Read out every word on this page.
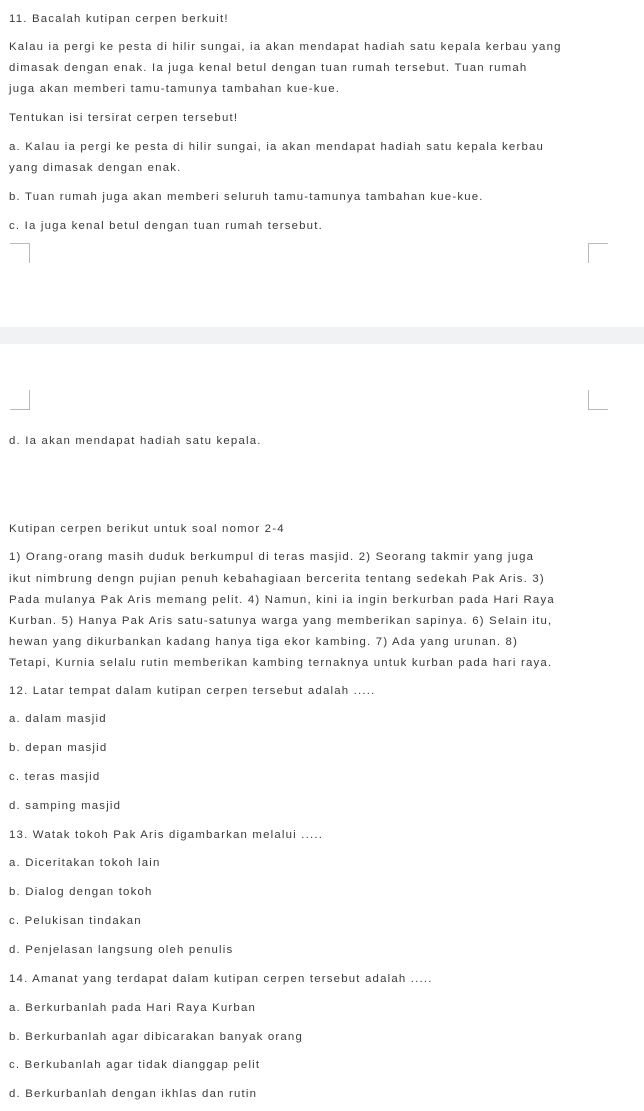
11. Bacalah kutipan cerpen berkuit!
Kalau ia pergi ke pesta di hilir sungai, ia akan mendapat hadiah satu kepala kerbau yang
dimasak dengan enak. Ia juga kenal betul dengan tuan rumah tersebut. Tuan rumah
juga akan memberi tamu-tamunya tambahan kue-kue.
Tentukan isi tersirat cerpen tersebut!
a. Kalau ia pergi ke pesta di hilir sungai, ia akan mendapat hadiah satu kepala kerbau
yang dimasak dengan enak.
b. Tuan rumah juga akan memberi seluruh tamu-tamunya tambahan kue-kue.
c. Ia juga kenal betul dengan tuan rumah tersebut.
d. Ia akan mendapat hadiah satu kepala.
Kutipan cerpen berikut untuk soal nomor 2-4
1) Orang-orang masih duduk berkumpul di teras masjid. 2) Seorang takmir yang juga
ikut nimbrung dengn pujian penuh kebahagiaan bercerita tentang sedekah Pak Aris. 3)
Pada mulanya Pak Aris memang pelit. 4) Namun, kini ia ingin berkurban pada Hari Raya
Kurban. 5) Hanya Pak Aris satu-satunya warga yang memberikan sapinya. 6) Selain itu,
hewan yang dikurbankan kadang hanya tiga ekor kambing. 7) Ada yang urunan. 8)
Tetapi, Kurnia selalu rutin memberikan kambing ternaknya untuk kurban pada hari raya.
12. Latar tempat dalam kutipan cerpen tersebut adalah .....
a. dalam masjid
b. depan masjid
c. teras masjid
d. samping masjid
13. Watak tokoh Pak Aris digambarkan melalui .....
a. Diceritakan tokoh lain
b. Dialog dengan tokoh
c. Pelukisan tindakan
d. Penjelasan langsung oleh penulis
14. Amanat yang terdapat dalam kutipan cerpen tersebut adalah .....
a. Berkurbanlah pada Hari Raya Kurban
b. Berkurbanlah agar dibicarakan banyak orang
c. Berkubanlah agar tidak dianggap pelit
d. Berkurbanlah dengan ikhlas dan rutin
